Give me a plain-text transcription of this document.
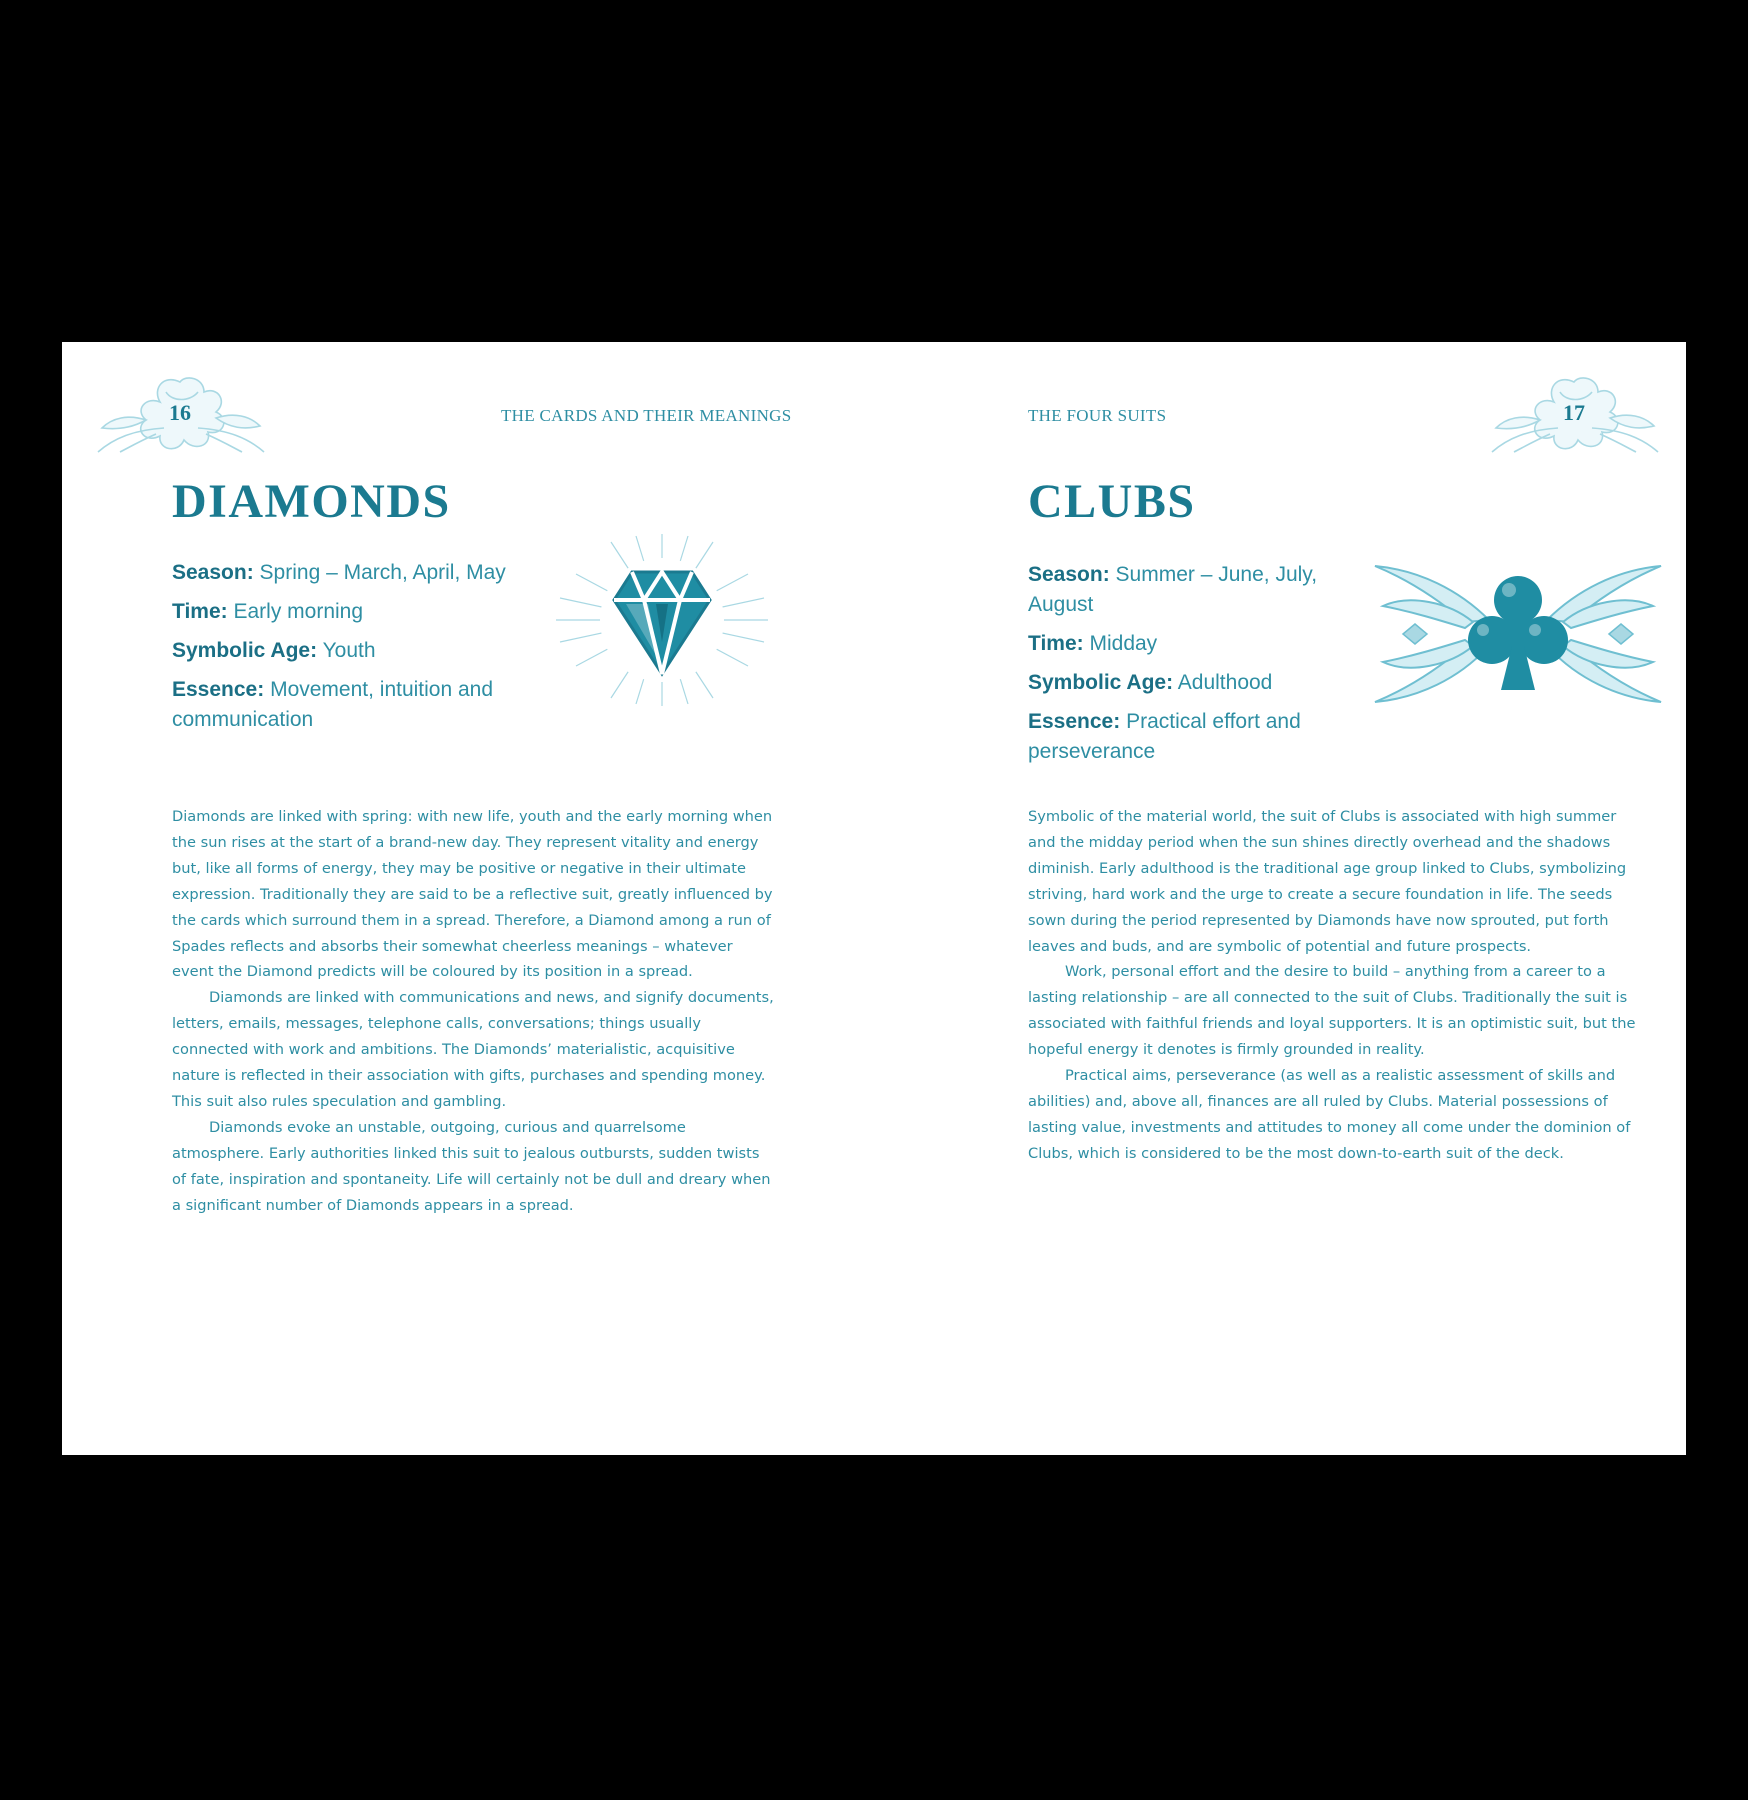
16	THE CARDS AND THEIR MEANINGS
DIAMONDS
Season: Spring – March, April, May
Time: Early morning
Symbolic Age: Youth
Essence: Movement, intuition and communication

Diamonds are linked with spring: with new life, youth and the early morning when the sun rises at the start of a brand-new day. They represent vitality and energy but, like all forms of energy, they may be positive or negative in their ultimate expression. Traditionally they are said to be a reflective suit, greatly influenced by the cards which surround them in a spread. Therefore, a Diamond among a run of Spades reflects and absorbs their somewhat cheerless meanings – whatever event the Diamond predicts will be coloured by its position in a spread.

Diamonds are linked with communications and news, and signify documents, letters, emails, messages, telephone calls, conversations; things usually connected with work and ambitions. The Diamonds’ materialistic, acquisitive nature is reflected in their association with gifts, purchases and spending money. This suit also rules speculation and gambling.

Diamonds evoke an unstable, outgoing, curious and quarrelsome atmosphere. Early authorities linked this suit to jealous outbursts, sudden twists of fate, inspiration and spontaneity. Life will certainly not be dull and dreary when a significant number of Diamonds appears in a spread.

THE FOUR SUITS	17
CLUBS
Season: Summer – June, July, August
Time: Midday
Symbolic Age: Adulthood
Essence: Practical effort and perseverance

Symbolic of the material world, the suit of Clubs is associated with high summer and the midday period when the sun shines directly overhead and the shadows diminish. Early adulthood is the traditional age group linked to Clubs, symbolizing striving, hard work and the urge to create a secure foundation in life. The seeds sown during the period represented by Diamonds have now sprouted, put forth leaves and buds, and are symbolic of potential and future prospects.

Work, personal effort and the desire to build – anything from a career to a lasting relationship – are all connected to the suit of Clubs. Traditionally the suit is associated with faithful friends and loyal supporters. It is an optimistic suit, but the hopeful energy it denotes is firmly grounded in reality.

Practical aims, perseverance (as well as a realistic assessment of skills and abilities) and, above all, finances are all ruled by Clubs. Material possessions of lasting value, investments and attitudes to money all come under the dominion of Clubs, which is considered to be the most down-to-earth suit of the deck.
